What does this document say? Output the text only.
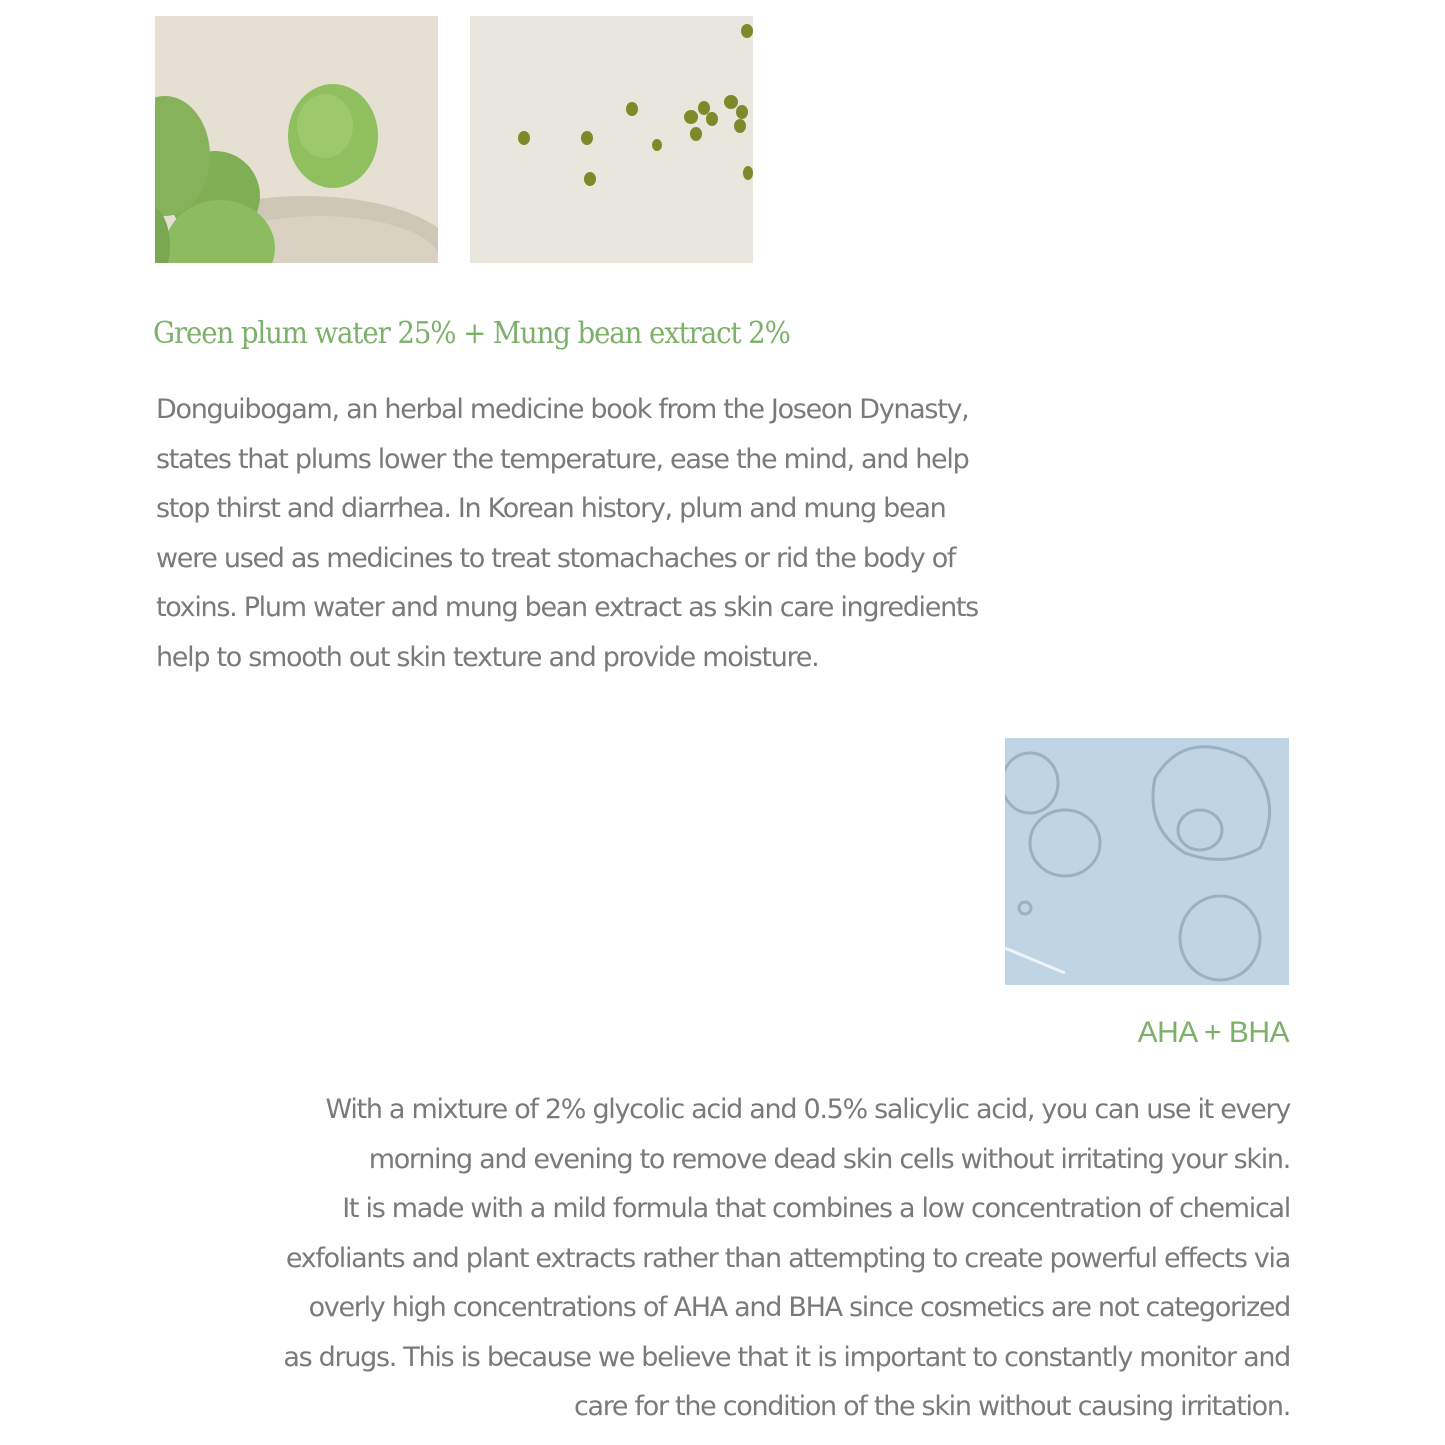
Green plum water 25% + Mung bean extract 2%
Donguibogam, an herbal medicine book from the Joseon Dynasty,
states that plums lower the temperature, ease the mind, and help
stop thirst and diarrhea. In Korean history, plum and mung bean
were used as medicines to treat stomachaches or rid the body of
toxins. Plum water and mung bean extract as skin care ingredients
help to smooth out skin texture and provide moisture.
AHA + BHA
With a mixture of 2% glycolic acid and 0.5% salicylic acid, you can use it every
morning and evening to remove dead skin cells without irritating your skin.
It is made with a mild formula that combines a low concentration of chemical
exfoliants and plant extracts rather than attempting to create powerful effects via
overly high concentrations of AHA and BHA since cosmetics are not categorized
as drugs. This is because we believe that it is important to constantly monitor and
care for the condition of the skin without causing irritation.
